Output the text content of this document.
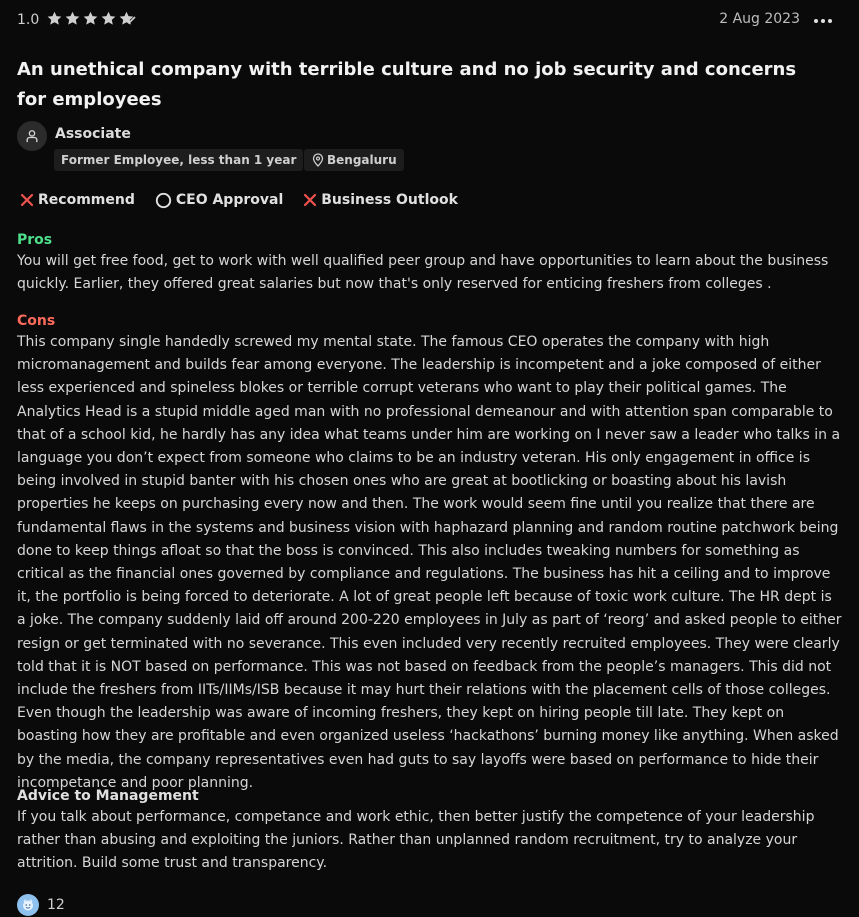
1.0	2 Aug 2023
An unethical company with terrible culture and no job security and concerns for employees
Associate
Former Employee, less than 1 year	Bengaluru
Recommend	CEO Approval	Business Outlook
Pros
You will get free food, get to work with well qualified peer group and have opportunities to learn about the business quickly. Earlier, they offered great salaries but now that's only reserved for enticing freshers from colleges .
Cons
This company single handedly screwed my mental state. The famous CEO operates the company with high micromanagement and builds fear among everyone. The leadership is incompetent and a joke composed of either less experienced and spineless blokes or terrible corrupt veterans who want to play their political games. The Analytics Head is a stupid middle aged man with no professional demeanour and with attention span comparable to that of a school kid, he hardly has any idea what teams under him are working on I never saw a leader who talks in a language you don’t expect from someone who claims to be an industry veteran. His only engagement in office is being involved in stupid banter with his chosen ones who are great at bootlicking or boasting about his lavish properties he keeps on purchasing every now and then. The work would seem fine until you realize that there are fundamental flaws in the systems and business vision with haphazard planning and random routine patchwork being done to keep things afloat so that the boss is convinced. This also includes tweaking numbers for something as critical as the financial ones governed by compliance and regulations. The business has hit a ceiling and to improve it, the portfolio is being forced to deteriorate. A lot of great people left because of toxic work culture. The HR dept is a joke. The company suddenly laid off around 200-220 employees in July as part of ‘reorg’ and asked people to either resign or get terminated with no severance. This even included very recently recruited employees. They were clearly told that it is NOT based on performance. This was not based on feedback from the people’s managers. This did not include the freshers from IITs/IIMs/ISB because it may hurt their relations with the placement cells of those colleges. Even though the leadership was aware of incoming freshers, they kept on hiring people till late. They kept on boasting how they are profitable and even organized useless ‘hackathons’ burning money like anything. When asked by the media, the company representatives even had guts to say layoffs were based on performance to hide their incompetance and poor planning.
Advice to Management
If you talk about performance, competance and work ethic, then better justify the competence of your leadership rather than abusing and exploiting the juniors. Rather than unplanned random recruitment, try to analyze your attrition. Build some trust and transparency.
12
